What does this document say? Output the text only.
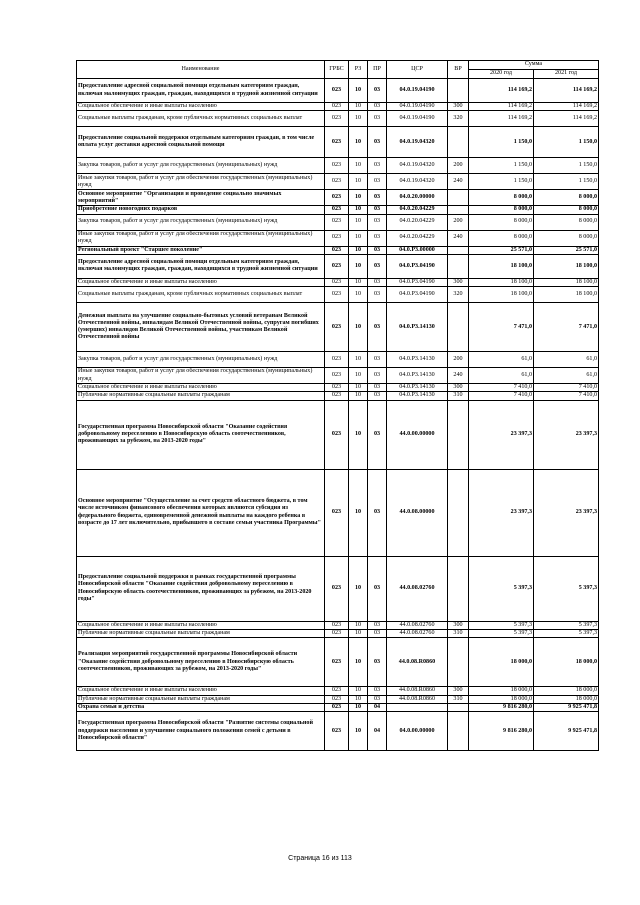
Наименование	ГРБС	РЗ	ПР	ЦСР	ВР	Сумма	
						2020 год	2021 год
Предоставление адресной социальной помощи отдельным категориям граждан, включая малоимущих граждан, граждан, находящихся в трудной жизненной ситуации	023	10	03	04.0.19.04190		114 169,2	114 169,2
Социальное обеспечение и иные выплаты населению	023	10	03	04.0.19.04190	300	114 169,2	114 169,2
Социальные выплаты гражданам, кроме публичных нормативных социальных выплат	023	10	03	04.0.19.04190	320	114 169,2	114 169,2
Предоставление социальной поддержки отдельным категориям граждан, в том числе оплата услуг доставки адресной социальной помощи	023	10	03	04.0.19.04320		1 150,0	1 150,0
Закупка товаров, работ и услуг для государственных (муниципальных) нужд	023	10	03	04.0.19.04320	200	1 150,0	1 150,0
Иные закупки товаров, работ и услуг для обеспечения государственных (муниципальных) нужд	023	10	03	04.0.19.04320	240	1 150,0	1 150,0
Основное мероприятие "Организация и проведение социально значимых мероприятий"	023	10	03	04.0.20.00000		8 000,0	8 000,0
Приобретение новогодних подарков	023	10	03	04.0.20.04229		8 000,0	8 000,0
Закупка товаров, работ и услуг для государственных (муниципальных) нужд	023	10	03	04.0.20.04229	200	8 000,0	8 000,0
Иные закупки товаров, работ и услуг для обеспечения государственных (муниципальных) нужд	023	10	03	04.0.20.04229	240	8 000,0	8 000,0
Региональный проект "Старшее поколение"	023	10	03	04.0.P3.00000		25 571,0	25 571,0
Предоставление адресной социальной помощи отдельным категориям граждан, включая малоимущих граждан, граждан, находящихся в трудной жизненной ситуации	023	10	03	04.0.P3.04190		18 100,0	18 100,0
Социальное обеспечение и иные выплаты населению	023	10	03	04.0.P3.04190	300	18 100,0	18 100,0
Социальные выплаты гражданам, кроме публичных нормативных социальных выплат	023	10	03	04.0.P3.04190	320	18 100,0	18 100,0
Денежная выплата на улучшение социально-бытовых условий ветеранам Великой Отечественной войны, инвалидам Великой Отечественной войны, супругам погибших (умерших) инвалидов Великой Отечественной войны, участникам Великой Отечественной войны	023	10	03	04.0.P3.14130		7 471,0	7 471,0
Закупка товаров, работ и услуг для государственных (муниципальных) нужд	023	10	03	04.0.P3.14130	200	61,0	61,0
Иные закупки товаров, работ и услуг для обеспечения государственных (муниципальных) нужд	023	10	03	04.0.P3.14130	240	61,0	61,0
Социальное обеспечение и иные выплаты населению	023	10	03	04.0.P3.14130	300	7 410,0	7 410,0
Публичные нормативные социальные выплаты гражданам	023	10	03	04.0.P3.14130	310	7 410,0	7 410,0
Государственная программа Новосибирской области "Оказание содействия добровольному переселению в Новосибирскую область соотечественников, проживающих за рубежом, на 2013-2020 годы"	023	10	03	44.0.00.00000		23 397,3	23 397,3
Основное мероприятие "Осуществление за счет средств областного бюджета, в том числе источником финансового обеспечения которых являются субсидия из федерального бюджета, единовременной денежной выплаты на каждого ребенка в возрасте до 17 лет включительно, прибывшего в составе семьи участника Программы"	023	10	03	44.0.08.00000		23 397,3	23 397,3
Предоставление социальной поддержки в рамках государственной программы Новосибирской области "Оказание содействия добровольному переселению в Новосибирскую область соотечественников, проживающих за рубежом, на 2013-2020 годы"	023	10	03	44.0.08.02760		5 397,3	5 397,3
Социальное обеспечение и иные выплаты населению	023	10	03	44.0.08.02760	300	5 397,3	5 397,3
Публичные нормативные социальные выплаты гражданам	023	10	03	44.0.08.02760	310	5 397,3	5 397,3
Реализация мероприятий государственной программы Новосибирской области "Оказание содействия добровольному переселению в Новосибирскую область соотечественников, проживающих за рубежом, на 2013-2020 годы"	023	10	03	44.0.08.R0860		18 000,0	18 000,0
Социальное обеспечение и иные выплаты населению	023	10	03	44.0.08.R0860	300	18 000,0	18 000,0
Публичные нормативные социальные выплаты гражданам	023	10	03	44.0.08.R0860	310	18 000,0	18 000,0
Охрана семьи и детства	023	10	04			9 816 280,0	9 925 471,8
Государственная программа Новосибирской области "Развитие системы социальной поддержки населения и улучшение социального положения семей с детьми в Новосибирской области"	023	10	04	04.0.00.00000		9 816 280,0	9 925 471,8
Страница 16 из 113
